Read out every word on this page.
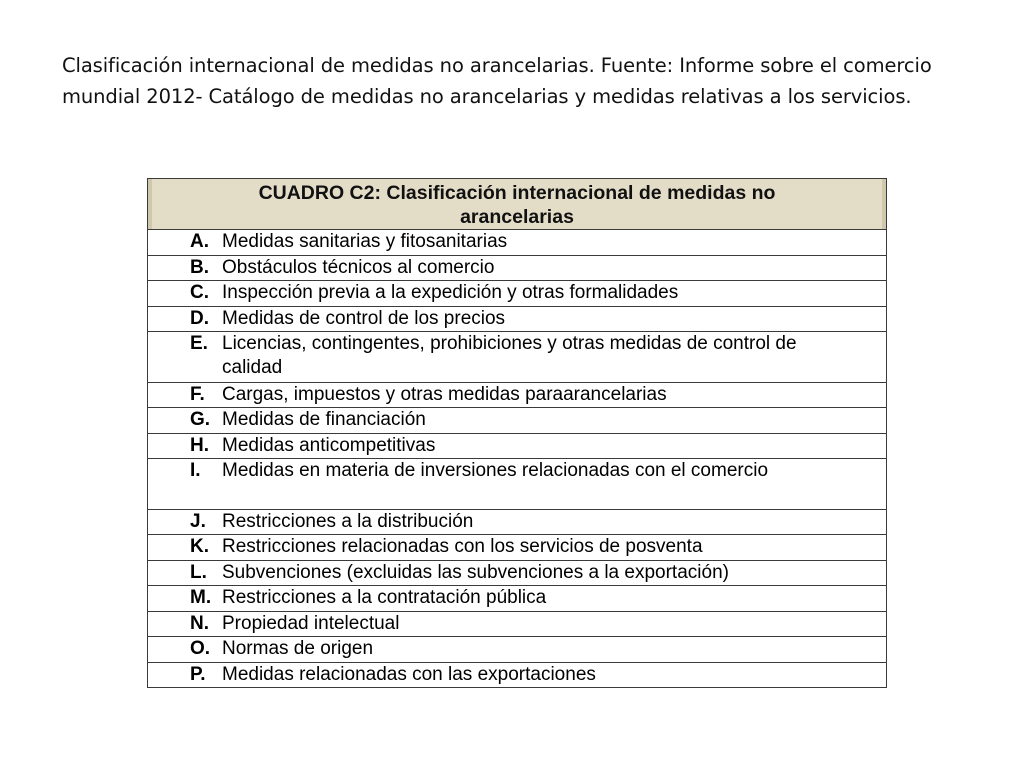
Clasificación internacional de medidas no arancelarias. Fuente: Informe sobre el comercio mundial 2012- Catálogo de medidas no arancelarias y medidas relativas a los servicios.
CUADRO C2: Clasificación internacional de medidas no arancelarias

A. Medidas sanitarias y fitosanitarias

B. Obstáculos técnicos al comercio

C. Inspección previa a la expedición y otras formalidades

D. Medidas de control de los precios

E. Licencias, contingentes, prohibiciones y otras medidas de control de calidad

F. Cargas, impuestos y otras medidas paraarancelarias

G. Medidas de financiación

H. Medidas anticompetitivas

I.	Medidas en materia de inversiones relacionadas con el comercio

J. Restricciones a la distribución

K. Restricciones relacionadas con los servicios de posventa

L. Subvenciones (excluidas las subvenciones a la exportación)

M. Restricciones a la contratación pública

N. Propiedad intelectual

O. Normas de origen

P. Medidas relacionadas con las exportaciones
